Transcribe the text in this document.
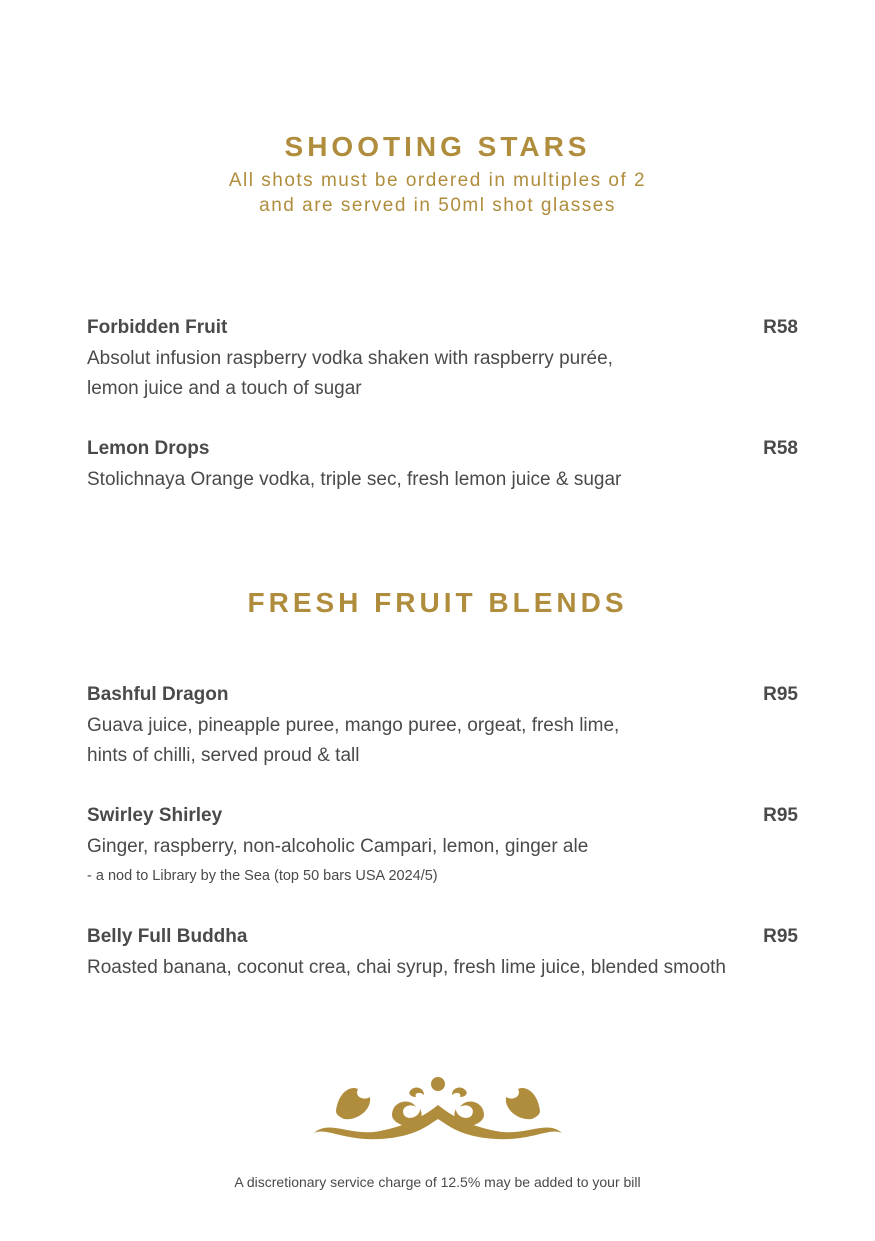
SHOOTING STARS
All shots must be ordered in multiples of 2
and are served in 50ml shot glasses
Forbidden Fruit	R58
Absolut infusion raspberry vodka shaken with raspberry purée,
lemon juice and a touch of sugar
Lemon Drops	R58
Stolichnaya Orange vodka, triple sec, fresh lemon juice & sugar
FRESH FRUIT BLENDS
Bashful Dragon	R95
Guava juice, pineapple puree, mango puree, orgeat, fresh lime,
hints of chilli, served proud & tall
Swirley Shirley	R95
Ginger, raspberry, non-alcoholic Campari, lemon, ginger ale
- a nod to Library by the Sea (top 50 bars USA 2024/5)
Belly Full Buddha	R95
Roasted banana, coconut crea, chai syrup, fresh lime juice, blended smooth
A discretionary service charge of 12.5% may be added to your bill
